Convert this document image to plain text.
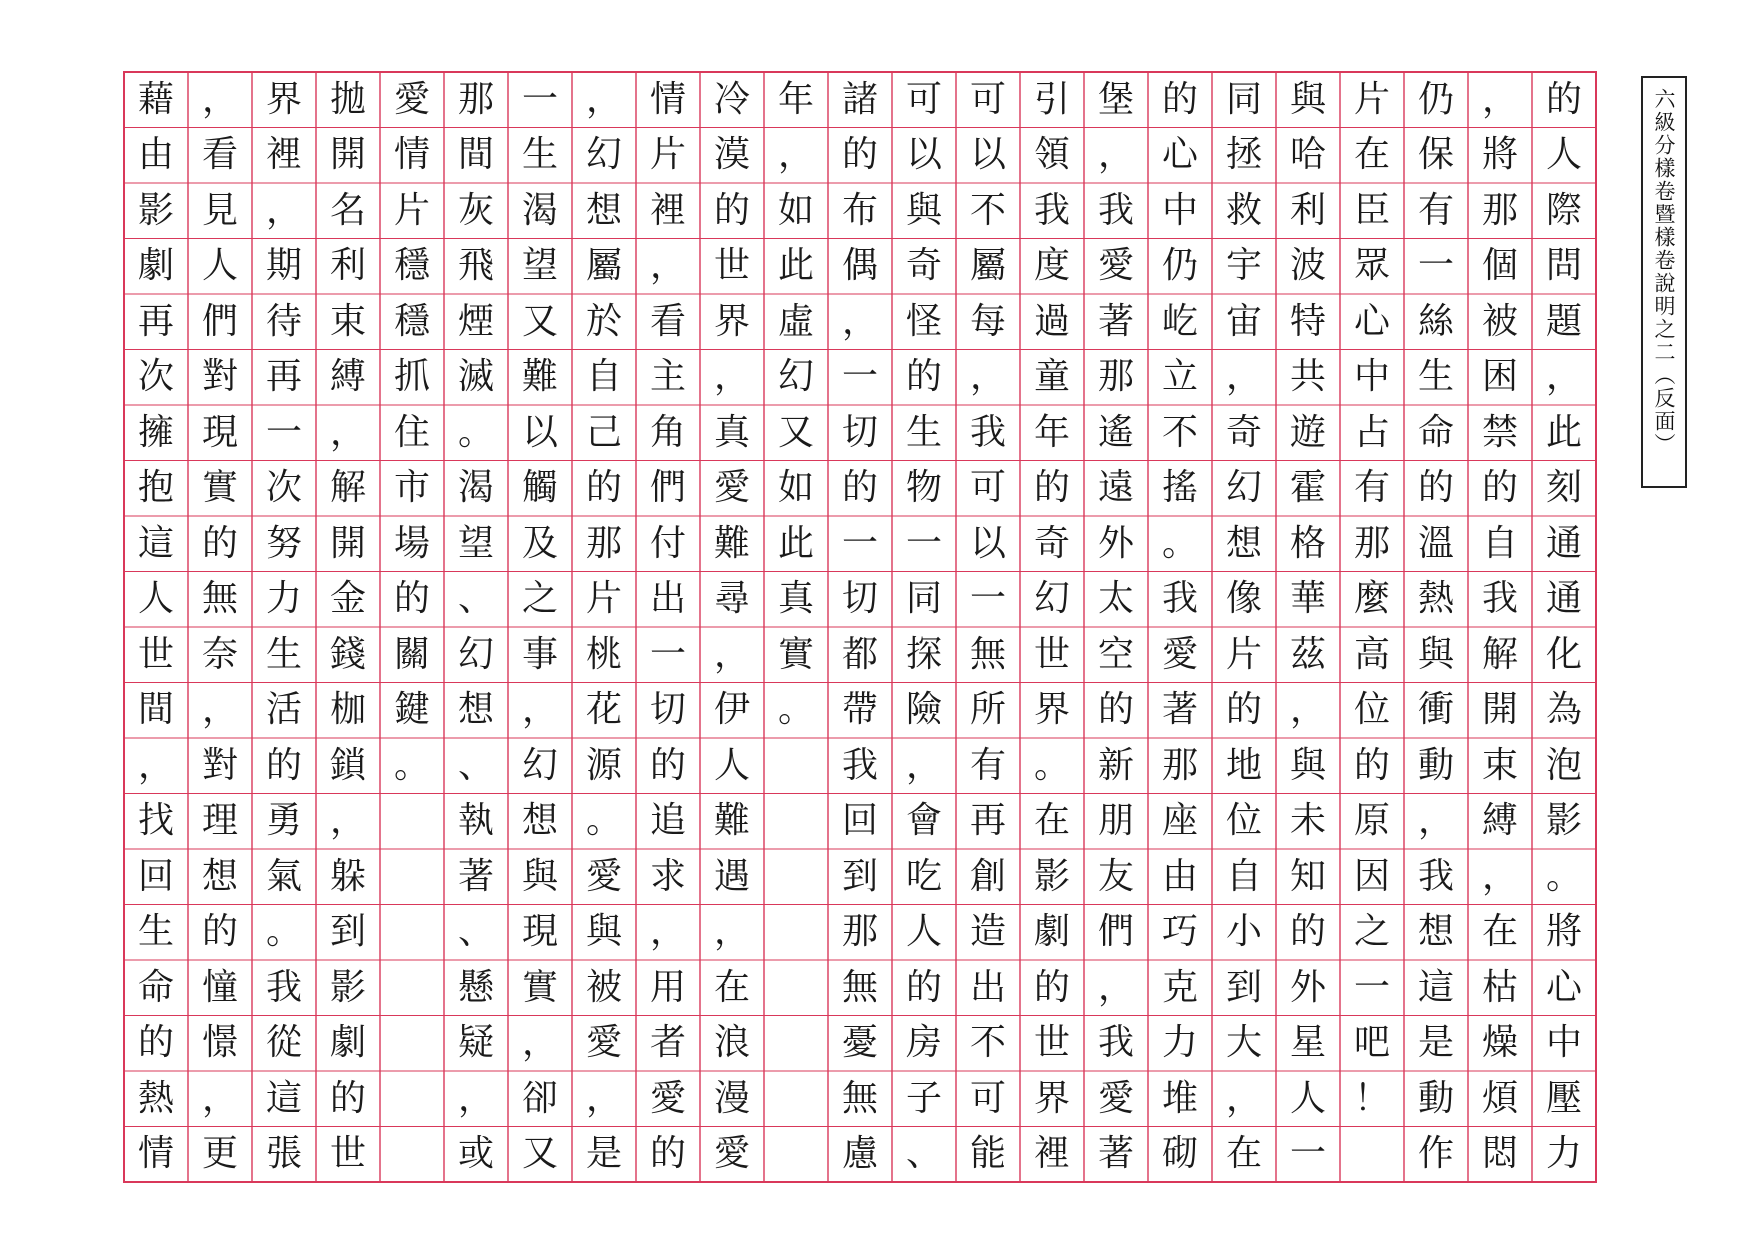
的
人
際
問
題
，
此
刻
通
通
化
為
泡
影
。
將
心
中
壓
力
，
將
那
個
被
困
禁
的
自
我
解
開
束
縛
，
在
枯
燥
煩
悶
仍
保
有
一
絲
生
命
的
溫
熱
與
衝
動
，
我
想
這
是
動
作
片
在
臣
眾
心
中
占
有
那
麼
高
位
的
原
因
之
一
吧
！
與
哈
利
波
特
共
遊
霍
格
華
茲
，
與
未
知
的
外
星
人
一
同
拯
救
宇
宙
，
奇
幻
想
像
片
的
地
位
自
小
到
大
，
在
的
心
中
仍
屹
立
不
搖
。
我
愛
著
那
座
由
巧
克
力
堆
砌
堡
，
我
愛
著
那
遙
遠
外
太
空
的
新
朋
友
們
，
我
愛
著
引
領
我
度
過
童
年
的
奇
幻
世
界
。
在
影
劇
的
世
界
裡
可
以
不
屬
每
，
我
可
以
一
無
所
有
再
創
造
出
不
可
能
可
以
與
奇
怪
的
生
物
一
同
探
險
，
會
吃
人
的
房
子
、
諸
的
布
偶
，
一
切
的
一
切
都
帶
我
回
到
那
無
憂
無
慮
年
，
如
此
虛
幻
又
如
此
真
實
。
冷
漠
的
世
界
，
真
愛
難
尋
，
伊
人
難
遇
，
在
浪
漫
愛
情
片
裡
，
看
主
角
們
付
出
一
切
的
追
求
，
用
者
愛
的
，
幻
想
屬
於
自
己
的
那
片
桃
花
源
。
愛
與
被
愛
，
是
一
生
渴
望
又
難
以
觸
及
之
事
，
幻
想
與
現
實
，
卻
又
那
間
灰
飛
煙
滅
。
渴
望
、
幻
想
、
執
著
、
懸
疑
，
或
愛
情
片
穩
穩
抓
住
市
場
的
關
鍵
。
拋
開
名
利
束
縛
，
解
開
金
錢
枷
鎖
，
躲
到
影
劇
的
世
界
裡
，
期
待
再
一
次
努
力
生
活
的
勇
氣
。
我
從
這
張
，
看
見
人
們
對
現
實
的
無
奈
，
對
理
想
的
憧
憬
，
更
藉
由
影
劇
再
次
擁
抱
這
人
世
間
，
找
回
生
命
的
熱
情
六級分樣卷暨樣卷說明之二（反面）
